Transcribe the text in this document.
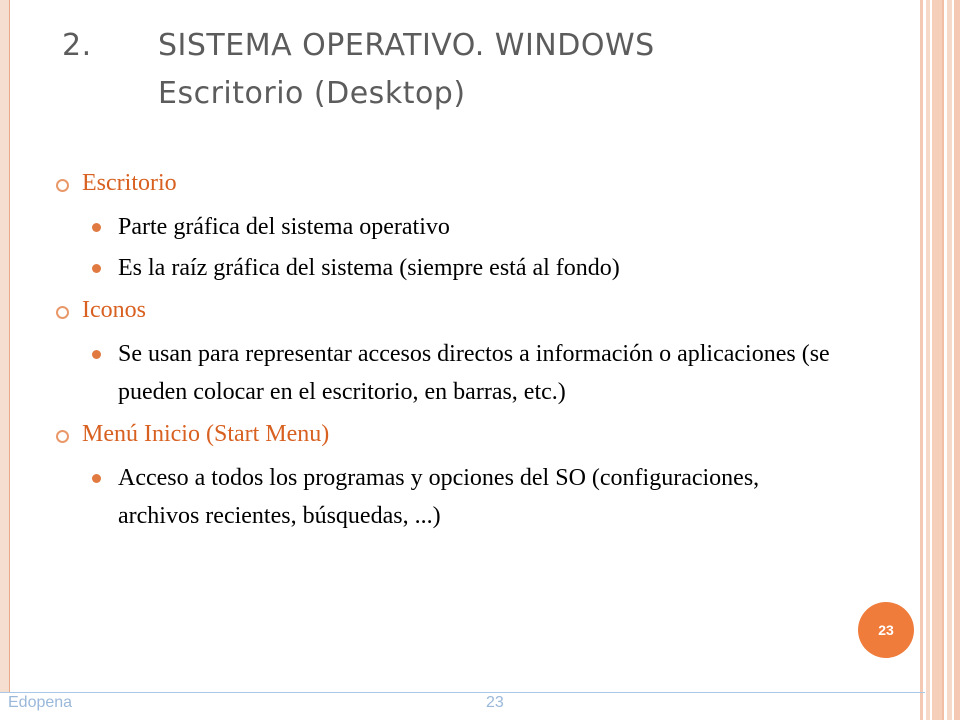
2. SISTEMA OPERATIVO. WINDOWS
Escritorio (Desktop)
Escritorio
Parte gráfica del sistema operativo
Es la raíz gráfica del sistema (siempre está al fondo)
Iconos
Se usan para representar accesos directos a información o aplicaciones (se pueden colocar en el escritorio, en barras, etc.)
Menú Inicio (Start Menu)
Acceso a todos los programas y opciones del SO (configuraciones, archivos recientes, búsquedas, ...)
23
Edopena	23
